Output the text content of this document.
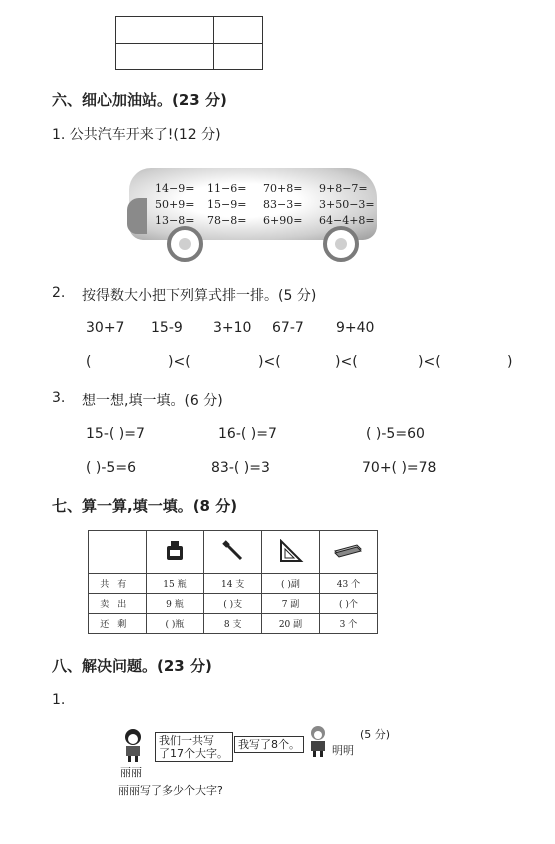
六、细心加油站。(23 分)
1. 公共汽车开来了!(12 分)
14−9= 11−6= 70+8= 9+8−7=
50+9= 15−9= 83−3= 3+50−3=
13−8= 78−8= 6+90= 64−4+8=
2. 按得数大小把下列算式排一排。(5 分)
30+7 15-9 3+10 67-7 9+40
(	)<(	)<(	)<(	)<(	)
3. 想一想,填一填。(6 分)
15-( )=7	16-( )=7	( )-5=60
( )-5=6	83-( )=3	70+( )=78
七、算一算,填一填。(8 分)

共有	15 瓶	14 支	( )副	43 个
卖出	9 瓶	( )支	7 副	( )个
还剩	( )瓶	8 支	20 副	3 个
八、解决问题。(23 分)
1.
丽丽
我们一共写
了17个大字。
我写了8个。	明明
(5 分)
丽丽写了多少个大字?
